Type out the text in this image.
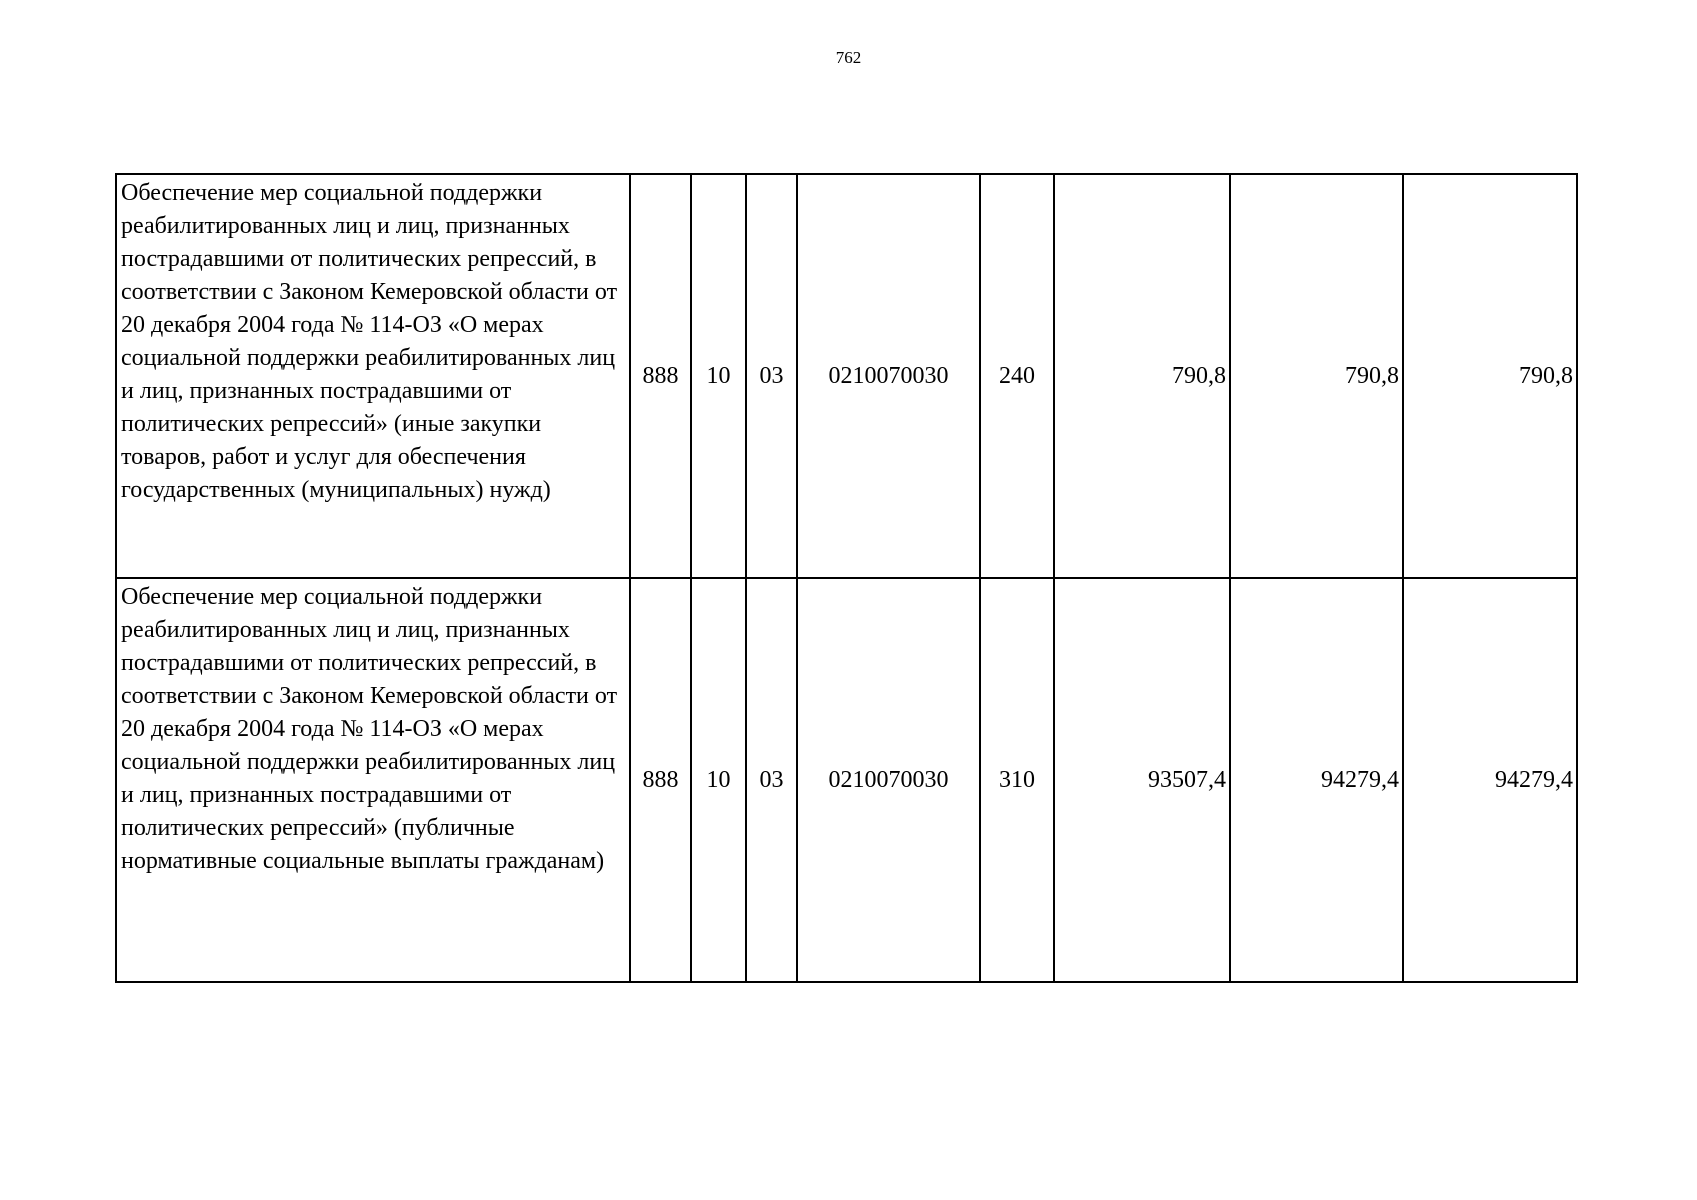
762
Обеспечение мер социальной поддержки реабилитированных лиц и лиц, признанных пострадавшими от политических репрессий, в соответствии с Законом Кемеровской области от 20 декабря 2004 года № 114-ОЗ «О мерах социальной поддержки реабилитированных лиц и лиц, признанных пострадавшими от политических репрессий» (иные закупки товаров, работ и услуг для обеспечения государственных (муниципальных) нужд)	888	10	03	0210070030	240	790,8	790,8	790,8
Обеспечение мер социальной поддержки реабилитированных лиц и лиц, признанных пострадавшими от политических репрессий, в соответствии с Законом Кемеровской области от 20 декабря 2004 года № 114-ОЗ «О мерах социальной поддержки реабилитированных лиц и лиц, признанных пострадавшими от политических репрессий» (публичные нормативные социальные выплаты гражданам)	888	10	03	0210070030	310	93507,4	94279,4	94279,4
